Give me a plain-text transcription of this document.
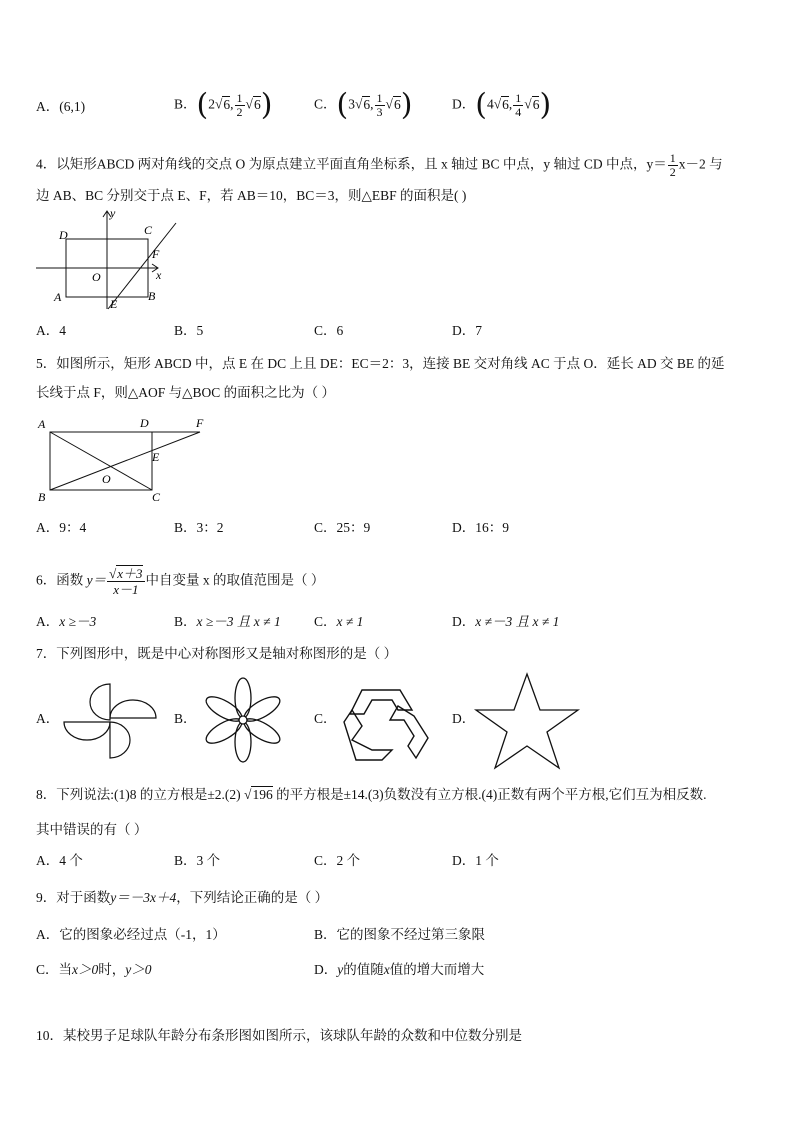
A．(6,1)	B．(2√6, $\frac{1}{2} √6$)	C．(3√6, $\frac{1}{3} √6$)	D．(4√6, $\frac{1}{4} √6$)
4．以矩形ABCD 两对角线的交点 O 为原点建立平面直角坐标系，且 x 轴过 BC 中点，y 轴过 CD 中点，$y= \frac{1}{2} x-2$ 与
边 AB、BC 分别交于点 E、F，若 AB＝10，BC＝3，则△EBF 的面积是( )
D	C
A	B
O
E
F
x
y
A．4	B．5	C．6	D．7
5．如图所示，矩形 ABCD 中，点 E 在 DC 上且 DE：EC＝2：3，连接 BE 交对角线 AC 于点 O．延长 AD 交 BE 的延
长线于点 F，则△AOF 与△BOC 的面积之比为（ ）
A	D	F
E
O
B	C
A．9：4	B．3：2	C．25：9	D．16：9
6．函数 $y= \frac{√x+3}{x-1}$ 中自变量 x 的取值范围是（ ）
A．x ≥－3	B．x ≥－3 且 x ≠ 1 C．x ≠ 1	D．x ≠－3 且 x ≠ 1
7．下列图形中，既是中心对称图形又是轴对称图形的是（ ）
A．	B．	C．	D．
8．下列说法:(1)8 的立方根是±2.(2) √196 的平方根是±14.(3)负数没有立方根.(4)正数有两个平方根,它们互为相反数.
其中错误的有（ ）
A．4 个	B．3 个	C．2 个	D．1 个
9．对于函数y＝－3x＋4，下列结论正确的是（ ）
A．它的图象必经过点（-1，1）	B．它的图象不经过第三象限
C．当x＞0时，y＞0	D．y的值随x值的增大而增大
10．某校男子足球队年龄分布条形图如图所示，该球队年龄的众数和中位数分别是
